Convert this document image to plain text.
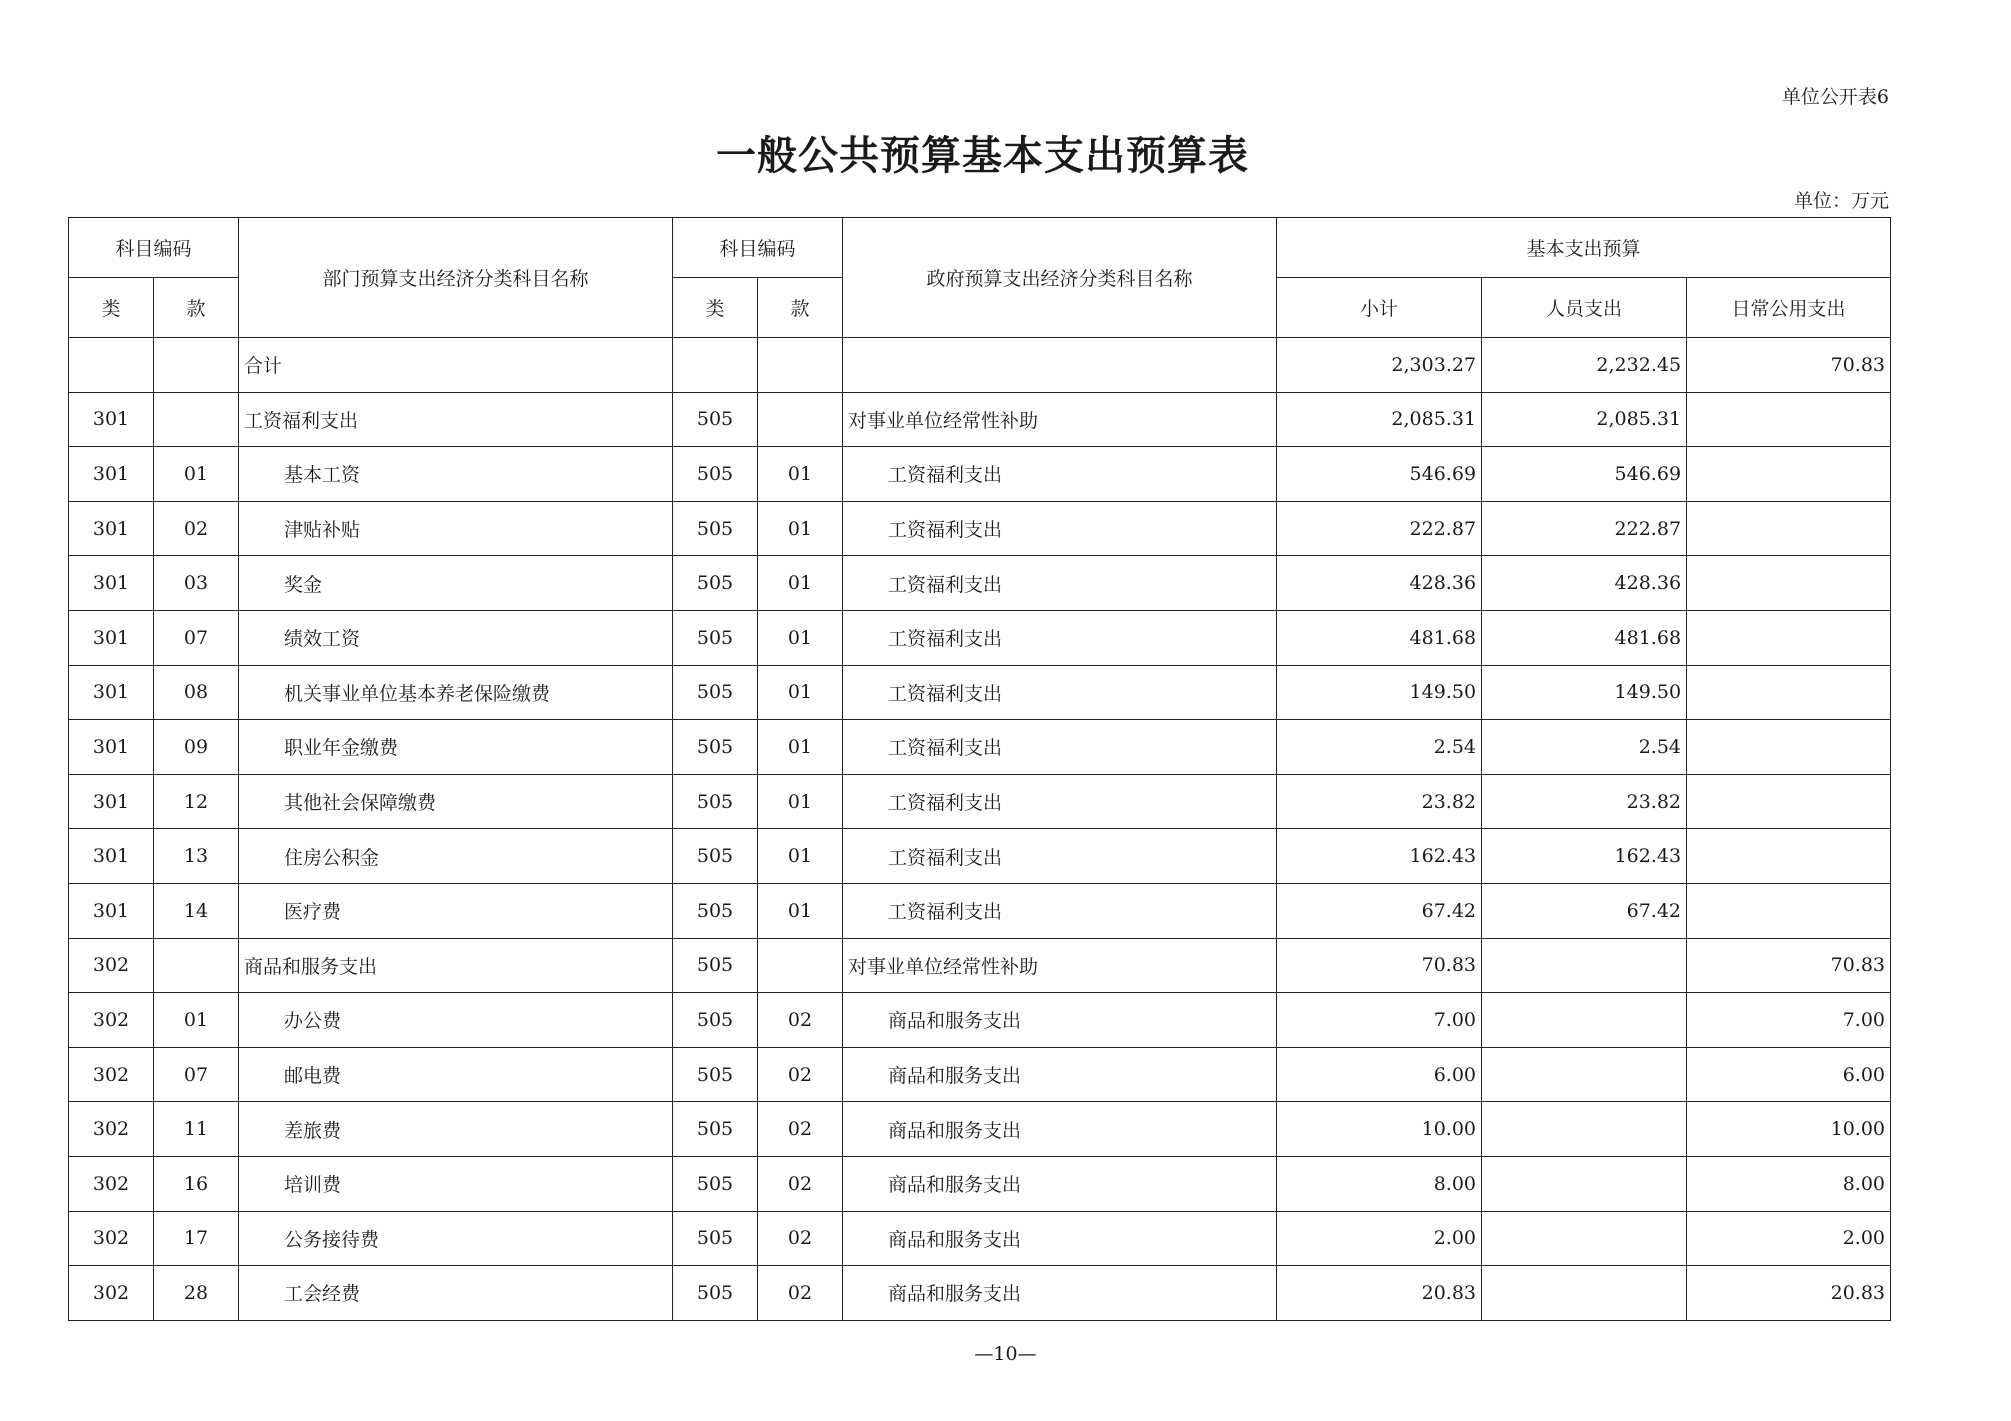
单位公开表6
一般公共预算基本支出预算表
单位：万元
科目编码		部门预算支出经济分类科目名称	科目编码		政府预算支出经济分类科目名称	基本支出预算		
类	款		类	款		小计	人员支出	日常公用支出
		合计				2,303.27	2,232.45	70.83
301		工资福利支出	505		对事业单位经常性补助	2,085.31	2,085.31	
301	01	基本工资	505	01	工资福利支出	546.69	546.69	
301	02	津贴补贴	505	01	工资福利支出	222.87	222.87	
301	03	奖金	505	01	工资福利支出	428.36	428.36	
301	07	绩效工资	505	01	工资福利支出	481.68	481.68	
301	08	机关事业单位基本养老保险缴费	505	01	工资福利支出	149.50	149.50	
301	09	职业年金缴费	505	01	工资福利支出	2.54	2.54	
301	12	其他社会保障缴费	505	01	工资福利支出	23.82	23.82	
301	13	住房公积金	505	01	工资福利支出	162.43	162.43	
301	14	医疗费	505	01	工资福利支出	67.42	67.42	
302		商品和服务支出	505		对事业单位经常性补助	70.83		70.83
302	01	办公费	505	02	商品和服务支出	7.00		7.00
302	07	邮电费	505	02	商品和服务支出	6.00		6.00
302	11	差旅费	505	02	商品和服务支出	10.00		10.00
302	16	培训费	505	02	商品和服务支出	8.00		8.00
302	17	公务接待费	505	02	商品和服务支出	2.00		2.00
302	28	工会经费	505	02	商品和服务支出	20.83		20.83
—10—
